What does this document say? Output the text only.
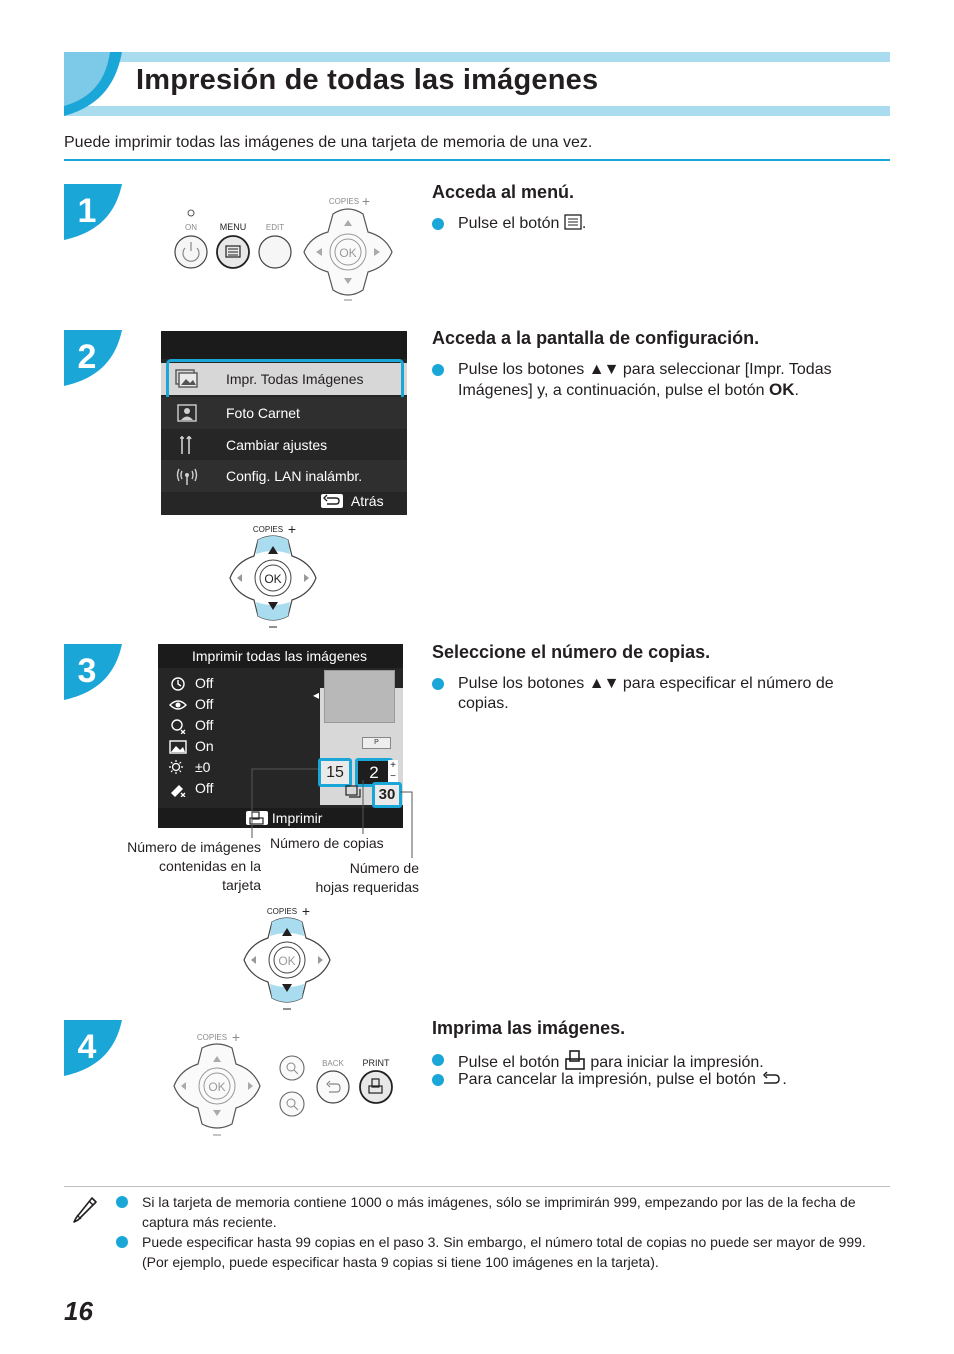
Impresión de todas las imágenes
Puede imprimir todas las imágenes de una tarjeta de memoria de una vez.
1	ON	MENU EDIT
COPIES +
OK
Acceda al menú.
Pulse el botón .
2
Impr. Todas Imágenes
Foto Carnet
Cambiar ajustes
Config. LAN inalámbr.
Atrás
COPIES +
OK
Acceda a la pantalla de configuración.
Pulse los botones ▲▼ para seleccionar [Impr. Todas
Imágenes] y, a continuación, pulse el botón OK.
3	Imprimir todas las imágenes
Off
Off
Off
On
±0
Off
◂
P
15	2 +
−
30
Imprimir
Número de imágenes
contenidas en la
tarjeta
Número de copias
Número de
hojas requeridas
COPIES +
OK
Seleccione el número de copias.
Pulse los botones ▲▼ para especificar el número de
copias.
4	COPIES +
OK
BACK PRINT
Imprima las imágenes.
Pulse el botón para iniciar la impresión.
Para cancelar la impresión, pulse el botón .
Si la tarjeta de memoria contiene 1000 o más imágenes, sólo se imprimirán 999, empezando por las de la fecha de captura más reciente.
Puede especificar hasta 99 copias en el paso 3. Sin embargo, el número total de copias no puede ser mayor de 999. (Por ejemplo, puede especificar hasta 9 copias si tiene 100 imágenes en la tarjeta).
16
